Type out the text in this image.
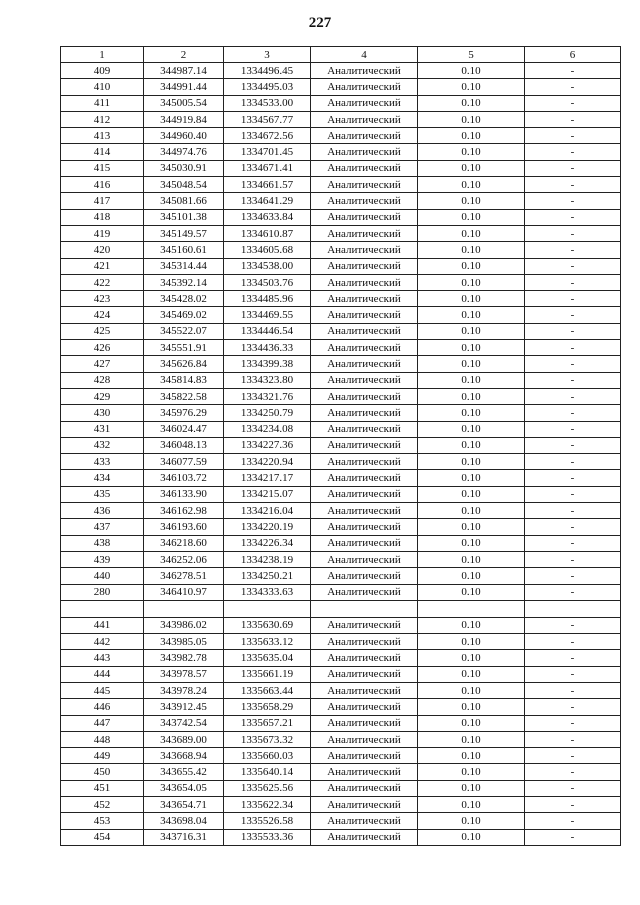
227
1	2	3	4	5	6
409	344987.14	1334496.45	Аналитический	0.10	-
410	344991.44	1334495.03	Аналитический	0.10	-
411	345005.54	1334533.00	Аналитический	0.10	-
412	344919.84	1334567.77	Аналитический	0.10	-
413	344960.40	1334672.56	Аналитический	0.10	-
414	344974.76	1334701.45	Аналитический	0.10	-
415	345030.91	1334671.41	Аналитический	0.10	-
416	345048.54	1334661.57	Аналитический	0.10	-
417	345081.66	1334641.29	Аналитический	0.10	-
418	345101.38	1334633.84	Аналитический	0.10	-
419	345149.57	1334610.87	Аналитический	0.10	-
420	345160.61	1334605.68	Аналитический	0.10	-
421	345314.44	1334538.00	Аналитический	0.10	-
422	345392.14	1334503.76	Аналитический	0.10	-
423	345428.02	1334485.96	Аналитический	0.10	-
424	345469.02	1334469.55	Аналитический	0.10	-
425	345522.07	1334446.54	Аналитический	0.10	-
426	345551.91	1334436.33	Аналитический	0.10	-
427	345626.84	1334399.38	Аналитический	0.10	-
428	345814.83	1334323.80	Аналитический	0.10	-
429	345822.58	1334321.76	Аналитический	0.10	-
430	345976.29	1334250.79	Аналитический	0.10	-
431	346024.47	1334234.08	Аналитический	0.10	-
432	346048.13	1334227.36	Аналитический	0.10	-
433	346077.59	1334220.94	Аналитический	0.10	-
434	346103.72	1334217.17	Аналитический	0.10	-
435	346133.90	1334215.07	Аналитический	0.10	-
436	346162.98	1334216.04	Аналитический	0.10	-
437	346193.60	1334220.19	Аналитический	0.10	-
438	346218.60	1334226.34	Аналитический	0.10	-
439	346252.06	1334238.19	Аналитический	0.10	-
440	346278.51	1334250.21	Аналитический	0.10	-
280	346410.97	1334333.63	Аналитический	0.10	-

441	343986.02	1335630.69	Аналитический	0.10	-
442	343985.05	1335633.12	Аналитический	0.10	-
443	343982.78	1335635.04	Аналитический	0.10	-
444	343978.57	1335661.19	Аналитический	0.10	-
445	343978.24	1335663.44	Аналитический	0.10	-
446	343912.45	1335658.29	Аналитический	0.10	-
447	343742.54	1335657.21	Аналитический	0.10	-
448	343689.00	1335673.32	Аналитический	0.10	-
449	343668.94	1335660.03	Аналитический	0.10	-
450	343655.42	1335640.14	Аналитический	0.10	-
451	343654.05	1335625.56	Аналитический	0.10	-
452	343654.71	1335622.34	Аналитический	0.10	-
453	343698.04	1335526.58	Аналитический	0.10	-
454	343716.31	1335533.36	Аналитический	0.10	-
